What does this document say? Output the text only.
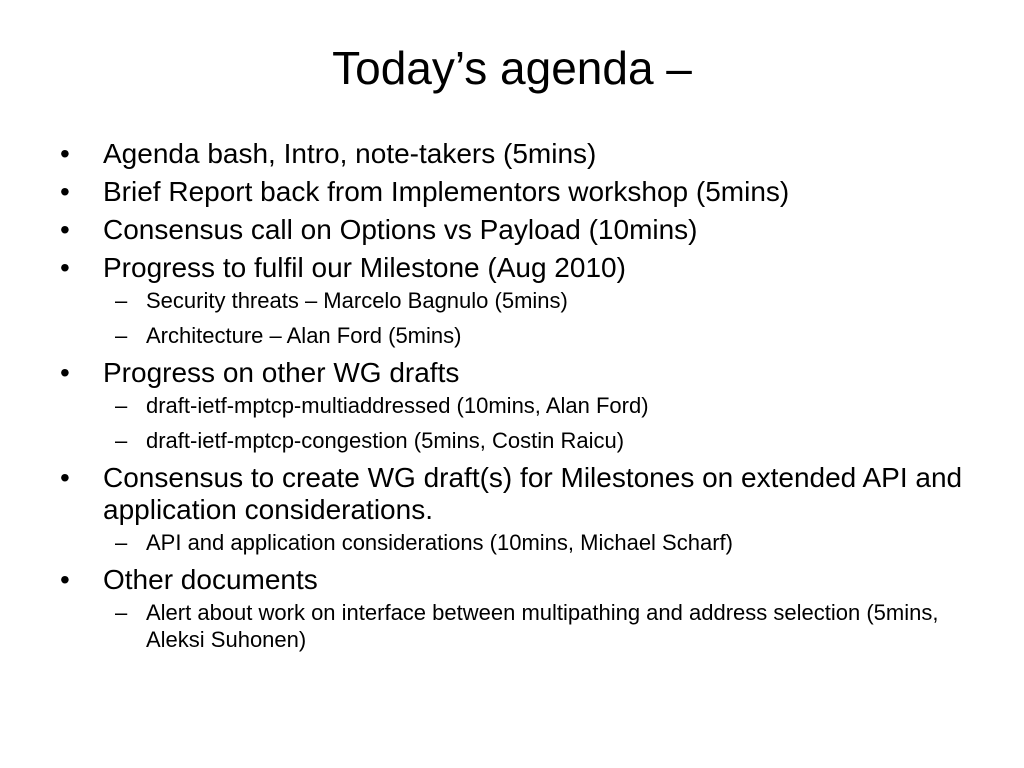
Today’s agenda –
•	Agenda bash, Intro, note-takers (5mins)
•	Brief Report back from Implementors workshop (5mins)
•	Consensus call on Options vs Payload (10mins)
•	Progress to fulfil our Milestone (Aug 2010)
– Security threats – Marcelo Bagnulo (5mins)
– Architecture – Alan Ford (5mins)
•	Progress on other WG drafts
– draft-ietf-mptcp-multiaddressed (10mins, Alan Ford)
– draft-ietf-mptcp-congestion (5mins, Costin Raicu)
•	Consensus to create WG draft(s) for Milestones on extended API and application considerations.
– API and application considerations (10mins, Michael Scharf)
•	Other documents
– Alert about work on interface between multipathing and address selection (5mins, Aleksi Suhonen)
